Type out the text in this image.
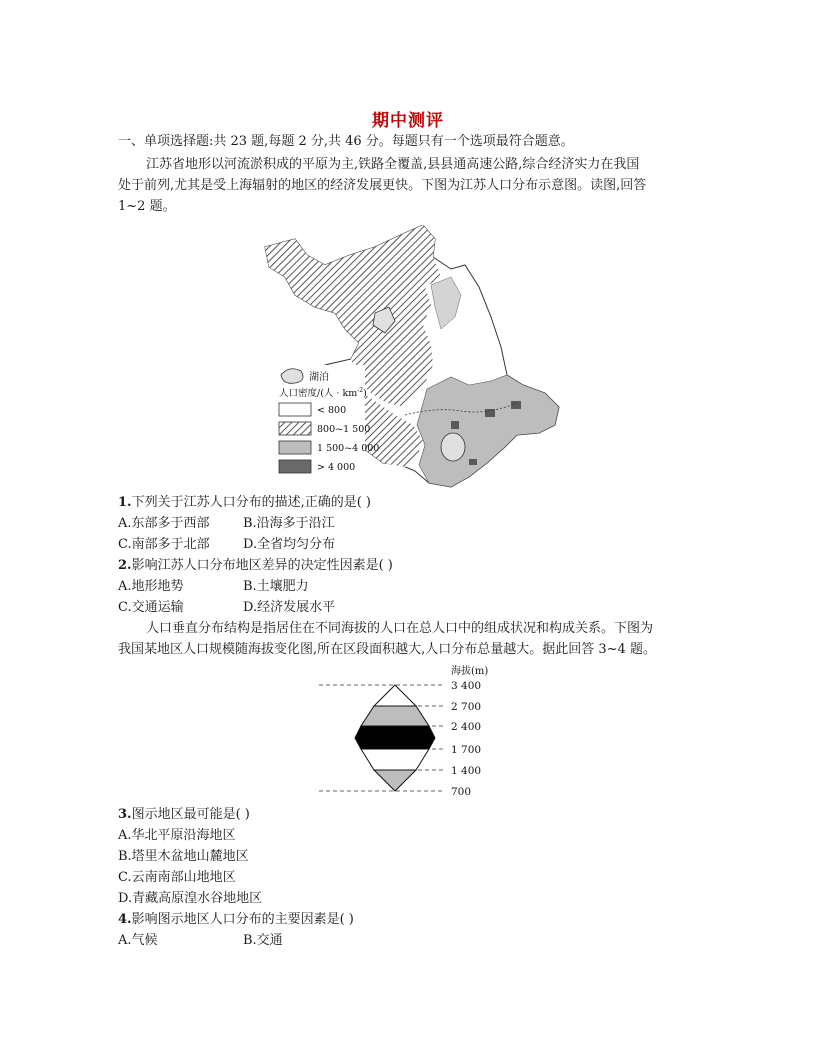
期中测评
一、单项选择题:共 23 题,每题 2 分,共 46 分。每题只有一个选项最符合题意。
江苏省地形以河流淤积成的平原为主,铁路全覆盖,县县通高速公路,综合经济实力在我国
处于前列,尤其是受上海辐射的地区的经济发展更快。下图为江苏人口分布示意图。读图,回答
1~2 题。
湖泊
人口密度/(人 · $km^{-2}$)
< 800
800~1 500
1 500~4 000
> 4 000
1.下列关于江苏人口分布的描述,正确的是( )
A.东部多于西部	B.沿海多于沿江
C.南部多于北部	D.全省均匀分布
2.影响江苏人口分布地区差异的决定性因素是( )
A.地形地势	B.土壤肥力
C.交通运输	D.经济发展水平
人口垂直分布结构是指居住在不同海拔的人口在总人口中的组成状况和构成关系。下图为
我国某地区人口规模随海拔变化图,所在区段面积越大,人口分布总量越大。据此回答 3~4 题。
海拔(m)
3 400
2 700
2 400
1 700
1 400
700
3.图示地区最可能是( )
A.华北平原沿海地区
B.塔里木盆地山麓地区
C.云南南部山地地区
D.青藏高原湟水谷地地区
4.影响图示地区人口分布的主要因素是( )
A.气候	B.交通
